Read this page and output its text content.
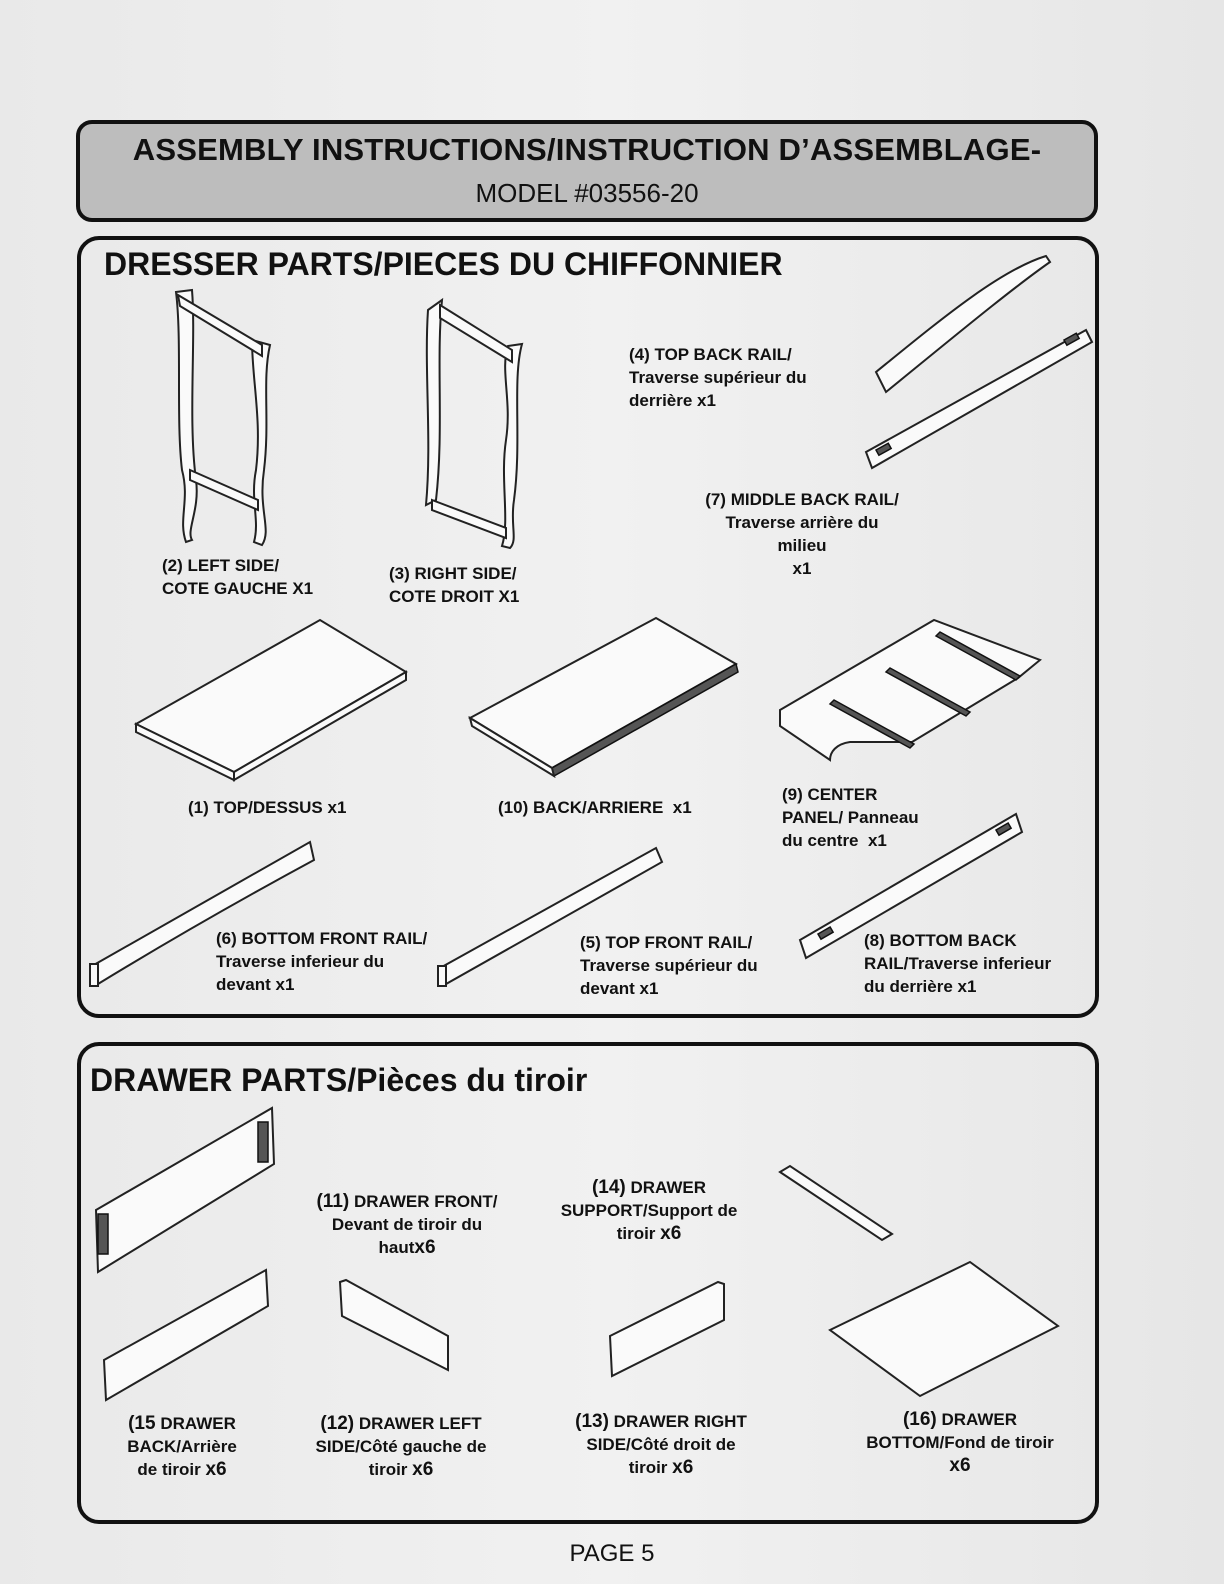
ASSEMBLY INSTRUCTIONS/INSTRUCTION D’ASSEMBLAGE-
MODEL #03556-20
DRESSER PARTS/PIECES DU CHIFFONNIER
(2) LEFT SIDE/
COTE GAUCHE X1
(3) RIGHT SIDE/
COTE DROIT X1
(4) TOP BACK RAIL/
Traverse supérieur du
derrière x1
(7) MIDDLE BACK RAIL/
Traverse arrière du
milieu
x1
(1) TOP/DESSUS x1	(10) BACK/ARRIERE  x1
(9) CENTER
PANEL/ Panneau
du centre  x1
(6) BOTTOM FRONT RAIL/
Traverse inferieur du
devant x1
(5) TOP FRONT RAIL/
Traverse supérieur du
devant x1
(8) BOTTOM BACK
RAIL/Traverse inferieur
du derrière x1
DRAWER PARTS/Pièces du tiroir
(11) DRAWER FRONT/
Devant de tiroir du
hautx6
(14) DRAWER
SUPPORT/Support de
tiroir x6
(15 DRAWER
BACK/Arrière
de tiroir x6
(12) DRAWER LEFT
SIDE/Côté gauche de
tiroir x6
(13) DRAWER RIGHT
SIDE/Côté droit de
tiroir x6
(16) DRAWER
BOTTOM/Fond de tiroir
x6
PAGE 5
